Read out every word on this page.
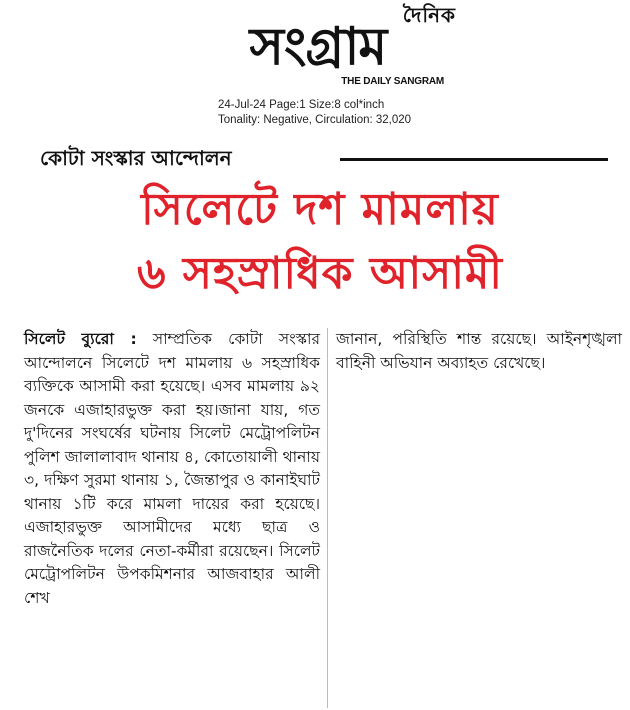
দৈনিক
সংগ্রাম
THE DAILY SANGRAM
24-Jul-24 Page:1 Size:8 col*inch
Tonality: Negative, Circulation: 32,020
কোটা সংস্কার আন্দোলন
সিলেটে দশ মামলায়
৬ সহস্রাধিক আসামী

সিলেট ব্যুরো : সাম্প্রতিক কোটা সংস্কার আন্দোলনে সিলেটে দশ মামলায় ৬ সহস্রাধিক ব্যক্তিকে আসামী করা হয়েছে। এসব মামলায় ৯২ জনকে এজাহারভুক্ত করা হয়।জানা যায়, গত দু'দিনের সংঘর্ষের ঘটনায় সিলেট মেট্রোপলিটন পুলিশ জালালাবাদ থানায় ৪, কোতোয়ালী থানায় ৩, দক্ষিণ সুরমা থানায় ১, জৈন্তাপুর ও কানাইঘাট থানায় ১টি করে মামলা দায়ের করা হয়েছে। এজাহারভুক্ত আসামীদের মধ্যে ছাত্র ও রাজনৈতিক দলের নেতা-কর্মীরা রয়েছেন। সিলেট মেট্রোপলিটন উপকমিশনার আজবাহার আলী শেখ

জানান, পরিস্থিতি শান্ত রয়েছে। আইনশৃঙ্খলা বাহিনী অভিযান অব্যাহত রেখেছে।
